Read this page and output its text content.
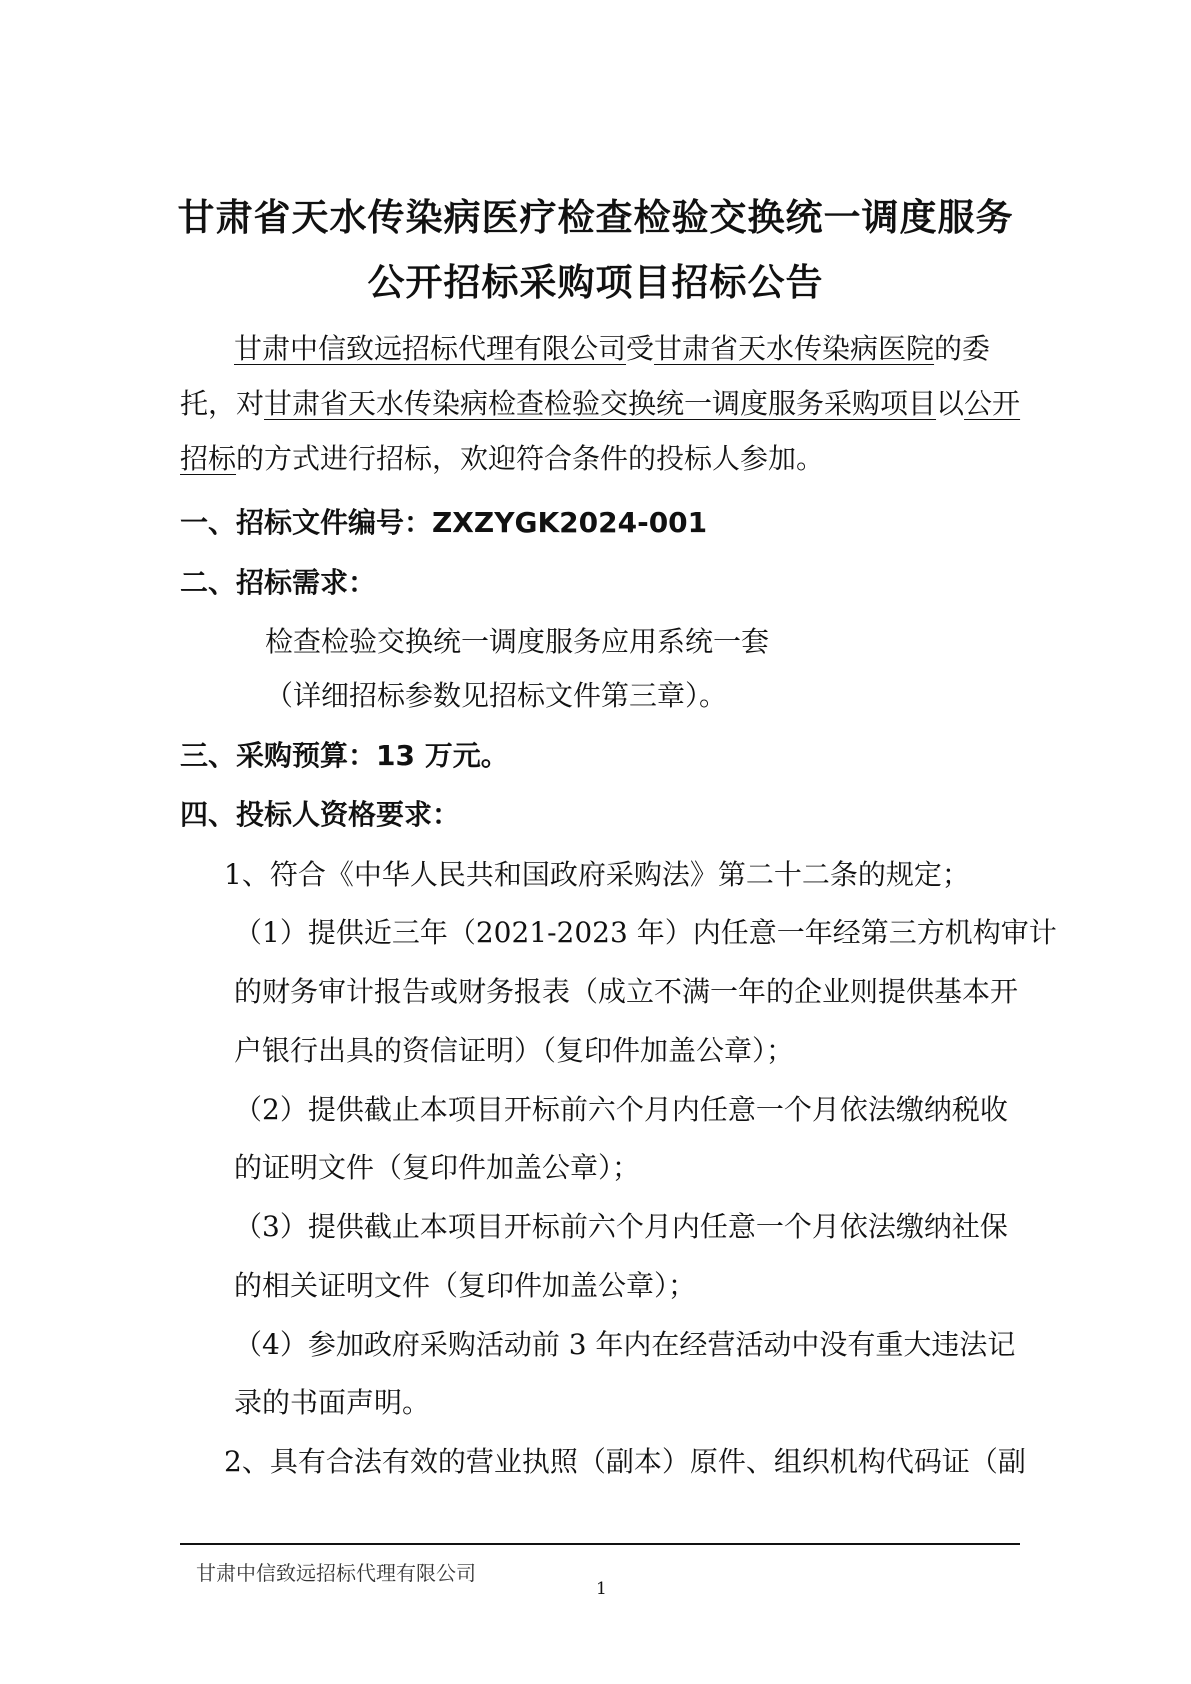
甘肃省天水传染病医疗检查检验交换统一调度服务
公开招标采购项目招标公告

甘肃中信致远招标代理有限公司受甘肃省天水传染病医院的委

托，对甘肃省天水传染病检查检验交换统一调度服务采购项目以公开

招标的方式进行招标，欢迎符合条件的投标人参加。

一、招标文件编号：ZXZYGK2024-001

二、招标需求：

检查检验交换统一调度服务应用系统一套

（详细招标参数见招标文件第三章）。

三、采购预算：13 万元。

四、投标人资格要求：

1、符合《中华人民共和国政府采购法》第二十二条的规定；

（1）提供近三年（2021-2023 年）内任意一年经第三方机构审计

的财务审计报告或财务报表（成立不满一年的企业则提供基本开

户银行出具的资信证明）（复印件加盖公章）；

（2）提供截止本项目开标前六个月内任意一个月依法缴纳税收

的证明文件（复印件加盖公章）；

（3）提供截止本项目开标前六个月内任意一个月依法缴纳社保

的相关证明文件（复印件加盖公章）；

（4）参加政府采购活动前 3 年内在经营活动中没有重大违法记

录的书面声明。

2、具有合法有效的营业执照（副本）原件、组织机构代码证（副

甘肃中信致远招标代理有限公司
1
